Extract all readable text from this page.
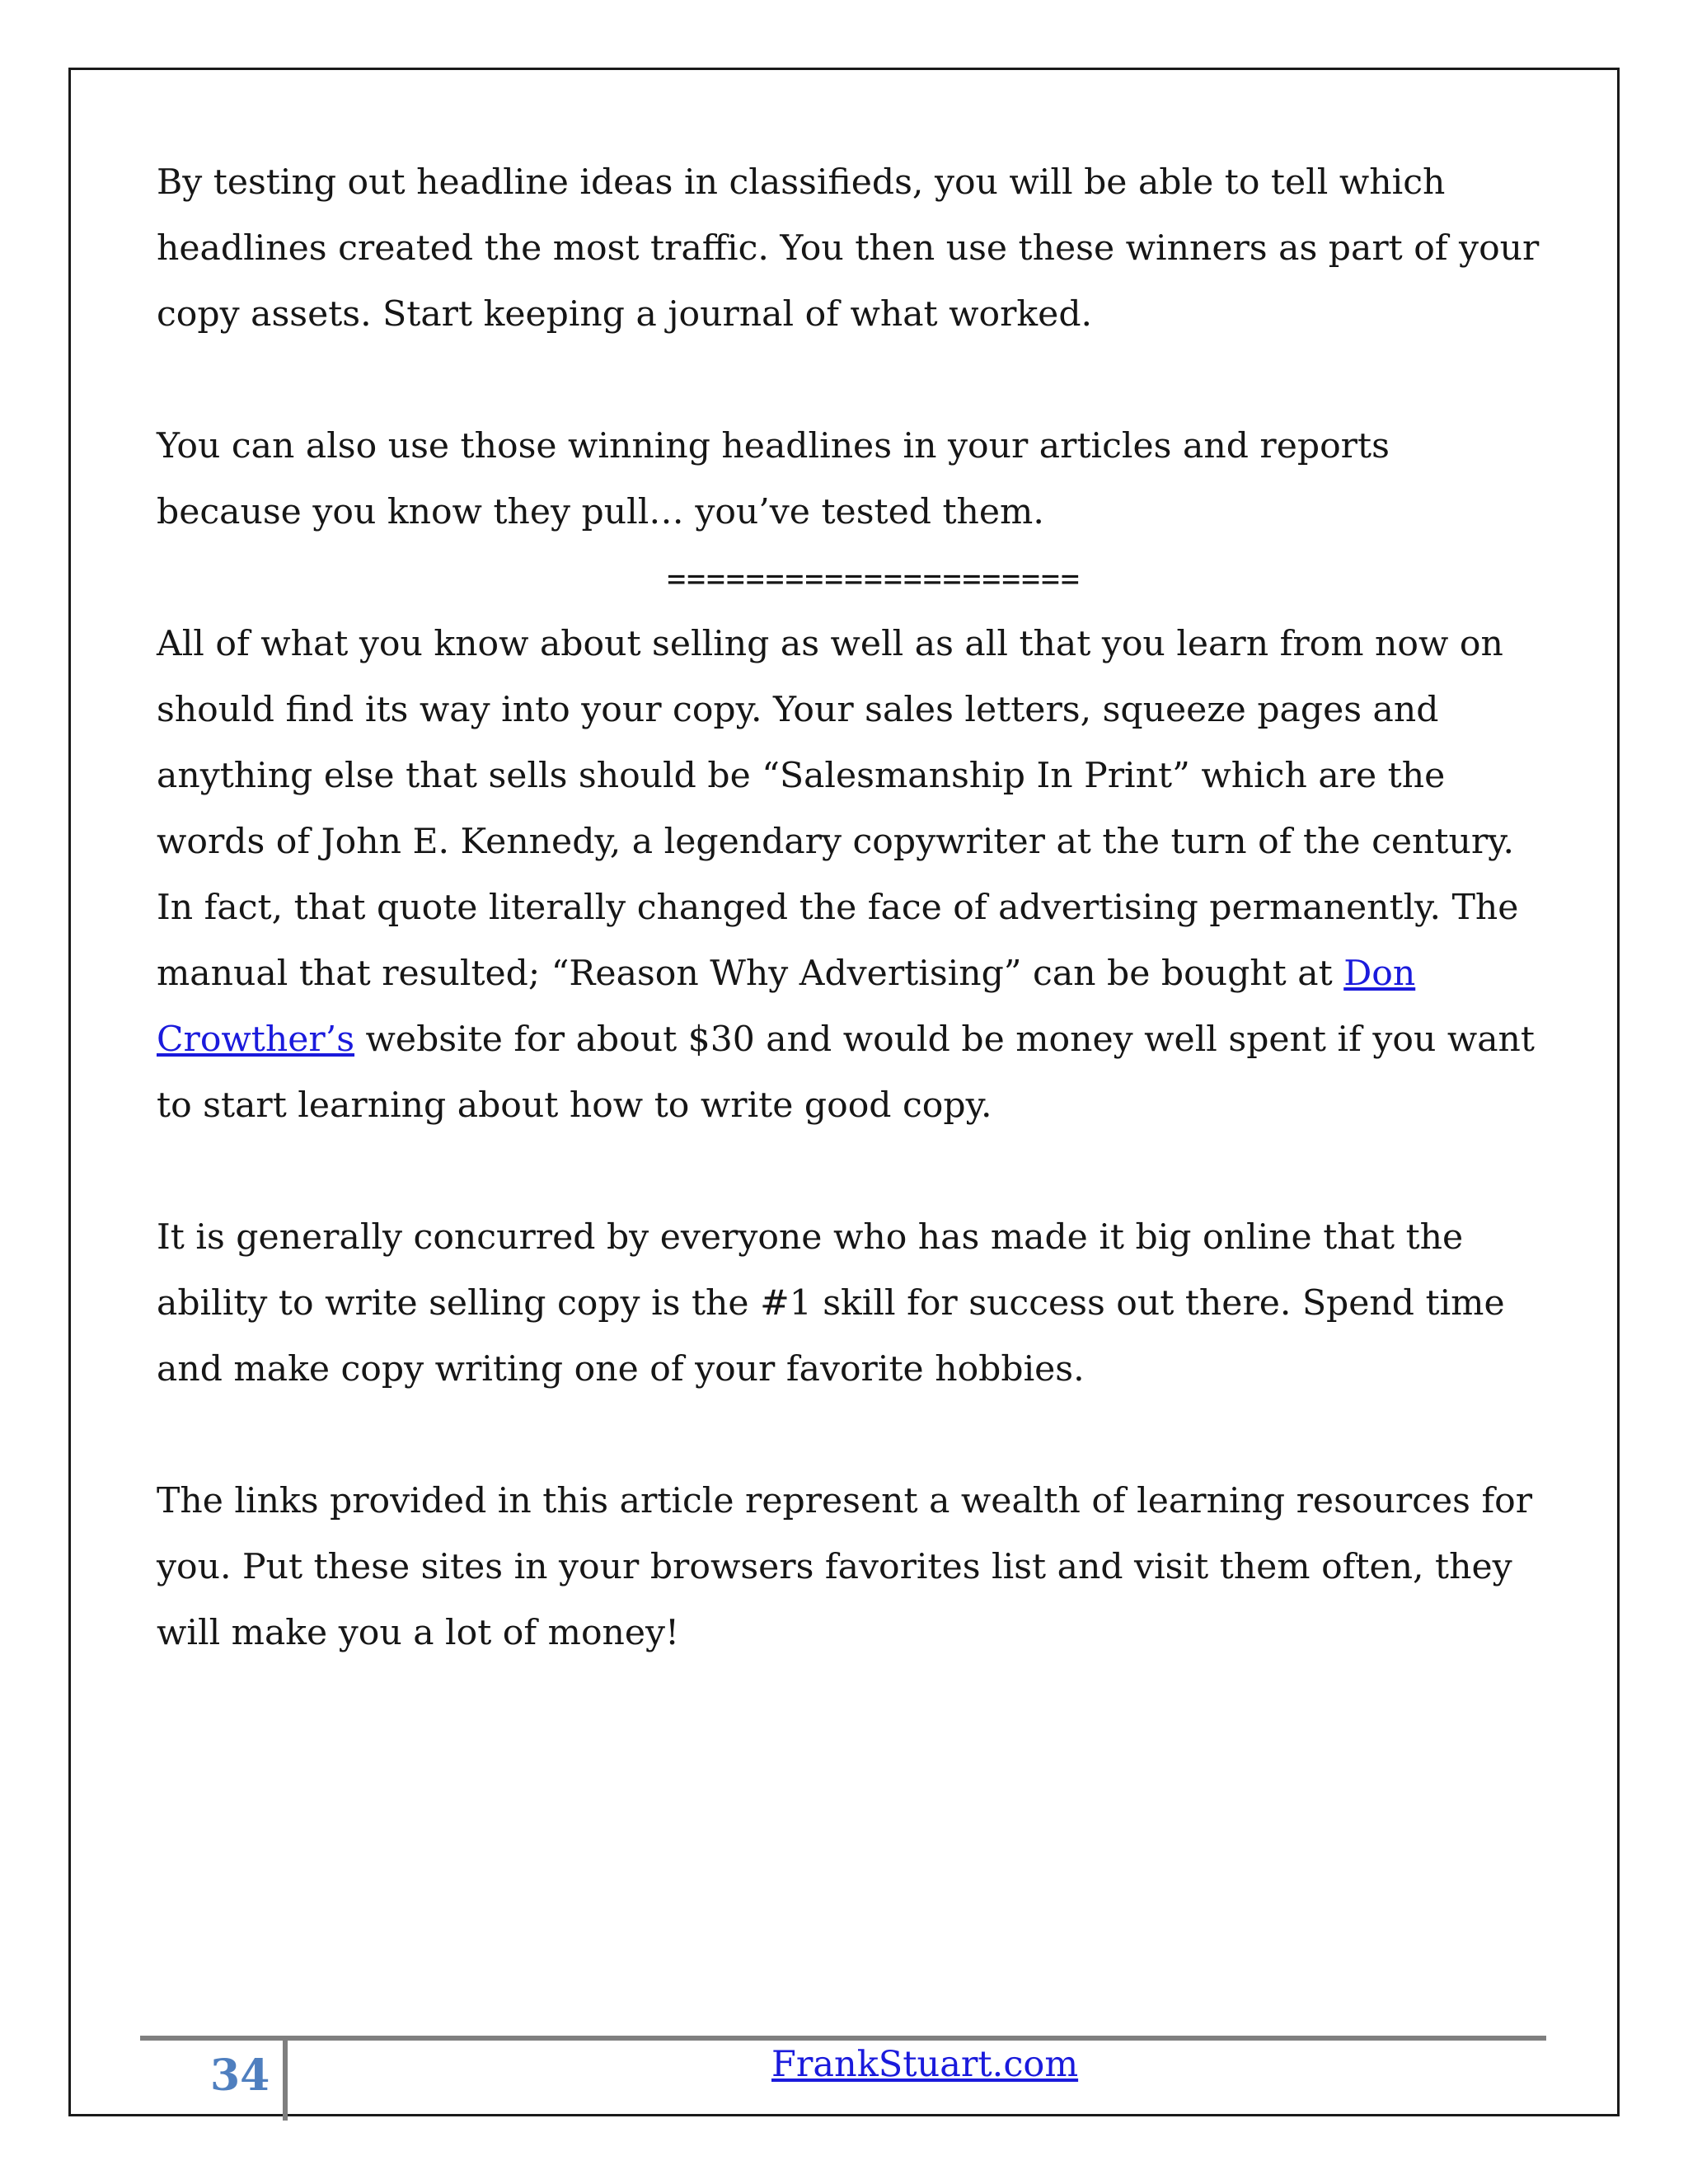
By testing out headline ideas in classifieds, you will be able to tell which headlines created the most traffic. You then use these winners as part of your copy assets. Start keeping a journal of what worked.

You can also use those winning headlines in your articles and reports because you know they pull… you’ve tested them.

=====================

All of what you know about selling as well as all that you learn from now on should find its way into your copy. Your sales letters, squeeze pages and anything else that sells should be “Salesmanship In Print” which are the words of John E. Kennedy, a legendary copywriter at the turn of the century. In fact, that quote literally changed the face of advertising permanently. The manual that resulted; “Reason Why Advertising” can be bought at Don Crowther’s website for about $30 and would be money well spent if you want to start learning about how to write good copy.

It is generally concurred by everyone who has made it big online that the ability to write selling copy is the #1 skill for success out there. Spend time and make copy writing one of your favorite hobbies.

The links provided in this article represent a wealth of learning resources for you. Put these sites in your browsers favorites list and visit them often, they will make you a lot of money!

34	FrankStuart.com
